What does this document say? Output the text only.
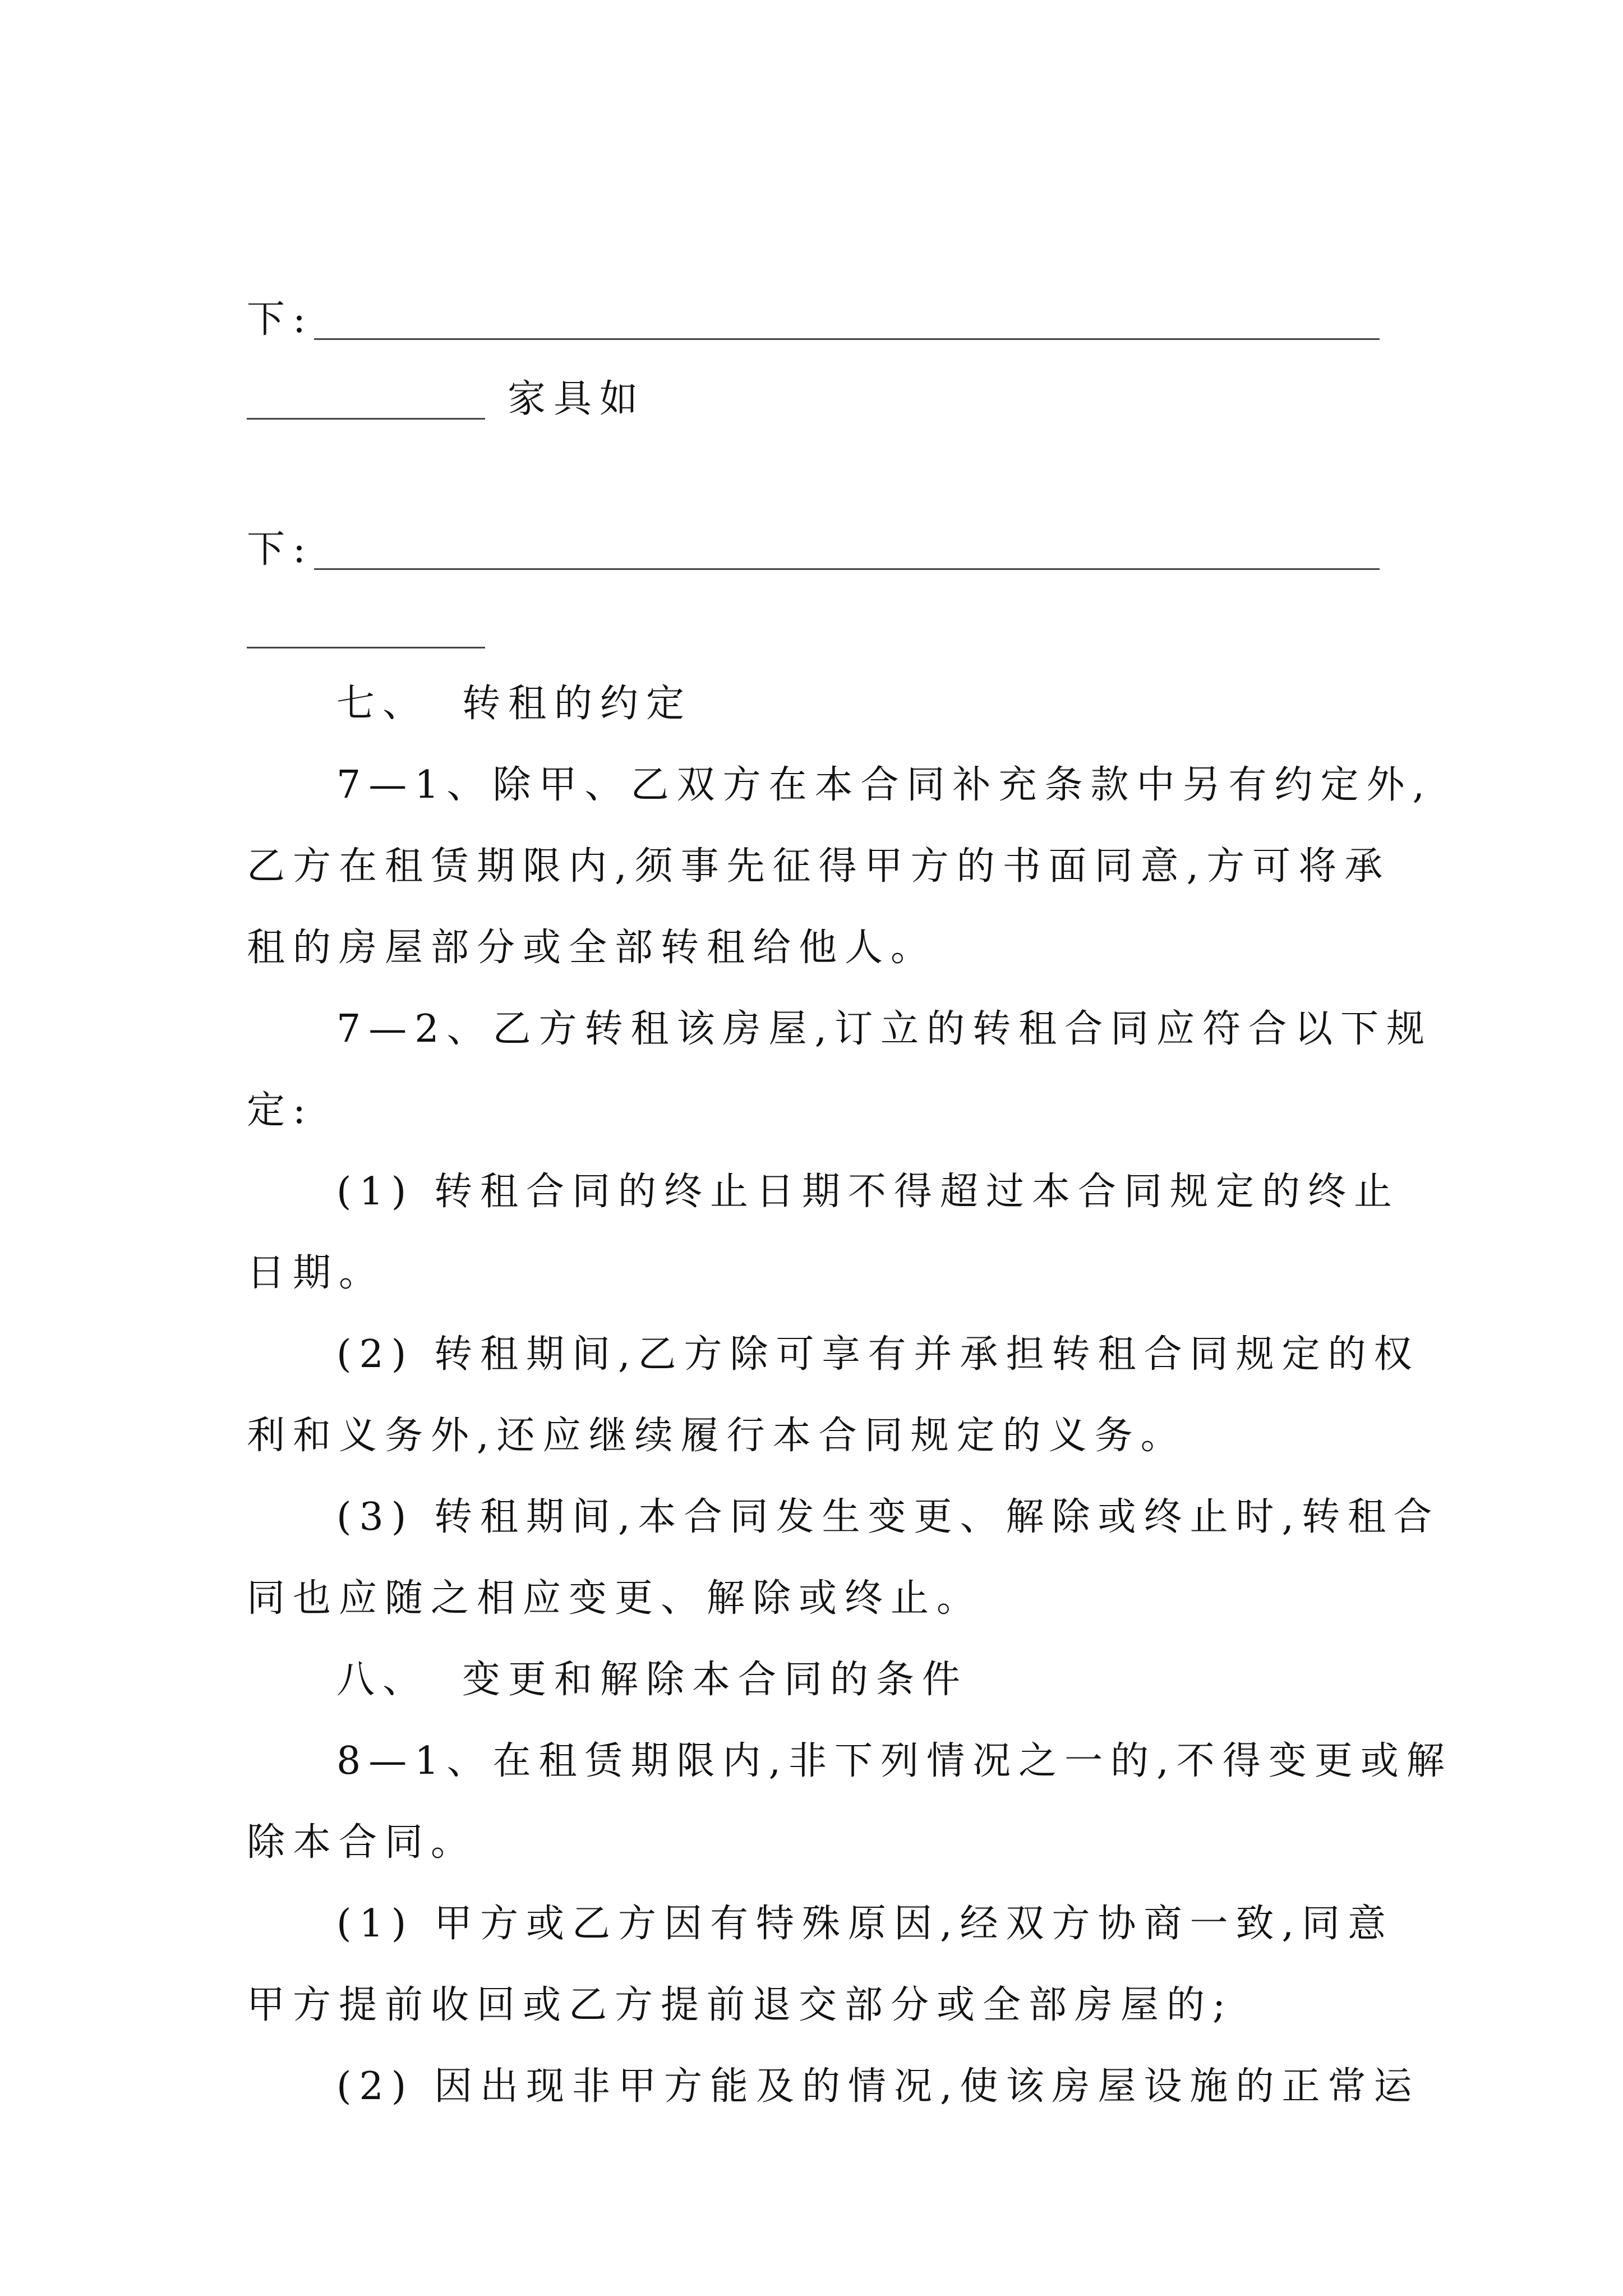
下:
家具如
下:
七、 转租的约定
7—1、除甲、乙双方在本合同补充条款中另有约定外,
乙方在租赁期限内,须事先征得甲方的书面同意,方可将承
租的房屋部分或全部转租给他人。
7—2、乙方转租该房屋,订立的转租合同应符合以下规
定:
(1) 转租合同的终止日期不得超过本合同规定的终止
日期。
(2) 转租期间,乙方除可享有并承担转租合同规定的权
利和义务外,还应继续履行本合同规定的义务。
(3) 转租期间,本合同发生变更、解除或终止时,转租合
同也应随之相应变更、解除或终止。
八、 变更和解除本合同的条件
8—1、在租赁期限内,非下列情况之一的,不得变更或解
除本合同。
(1) 甲方或乙方因有特殊原因,经双方协商一致,同意
甲方提前收回或乙方提前退交部分或全部房屋的;
(2) 因出现非甲方能及的情况,使该房屋设施的正常运
